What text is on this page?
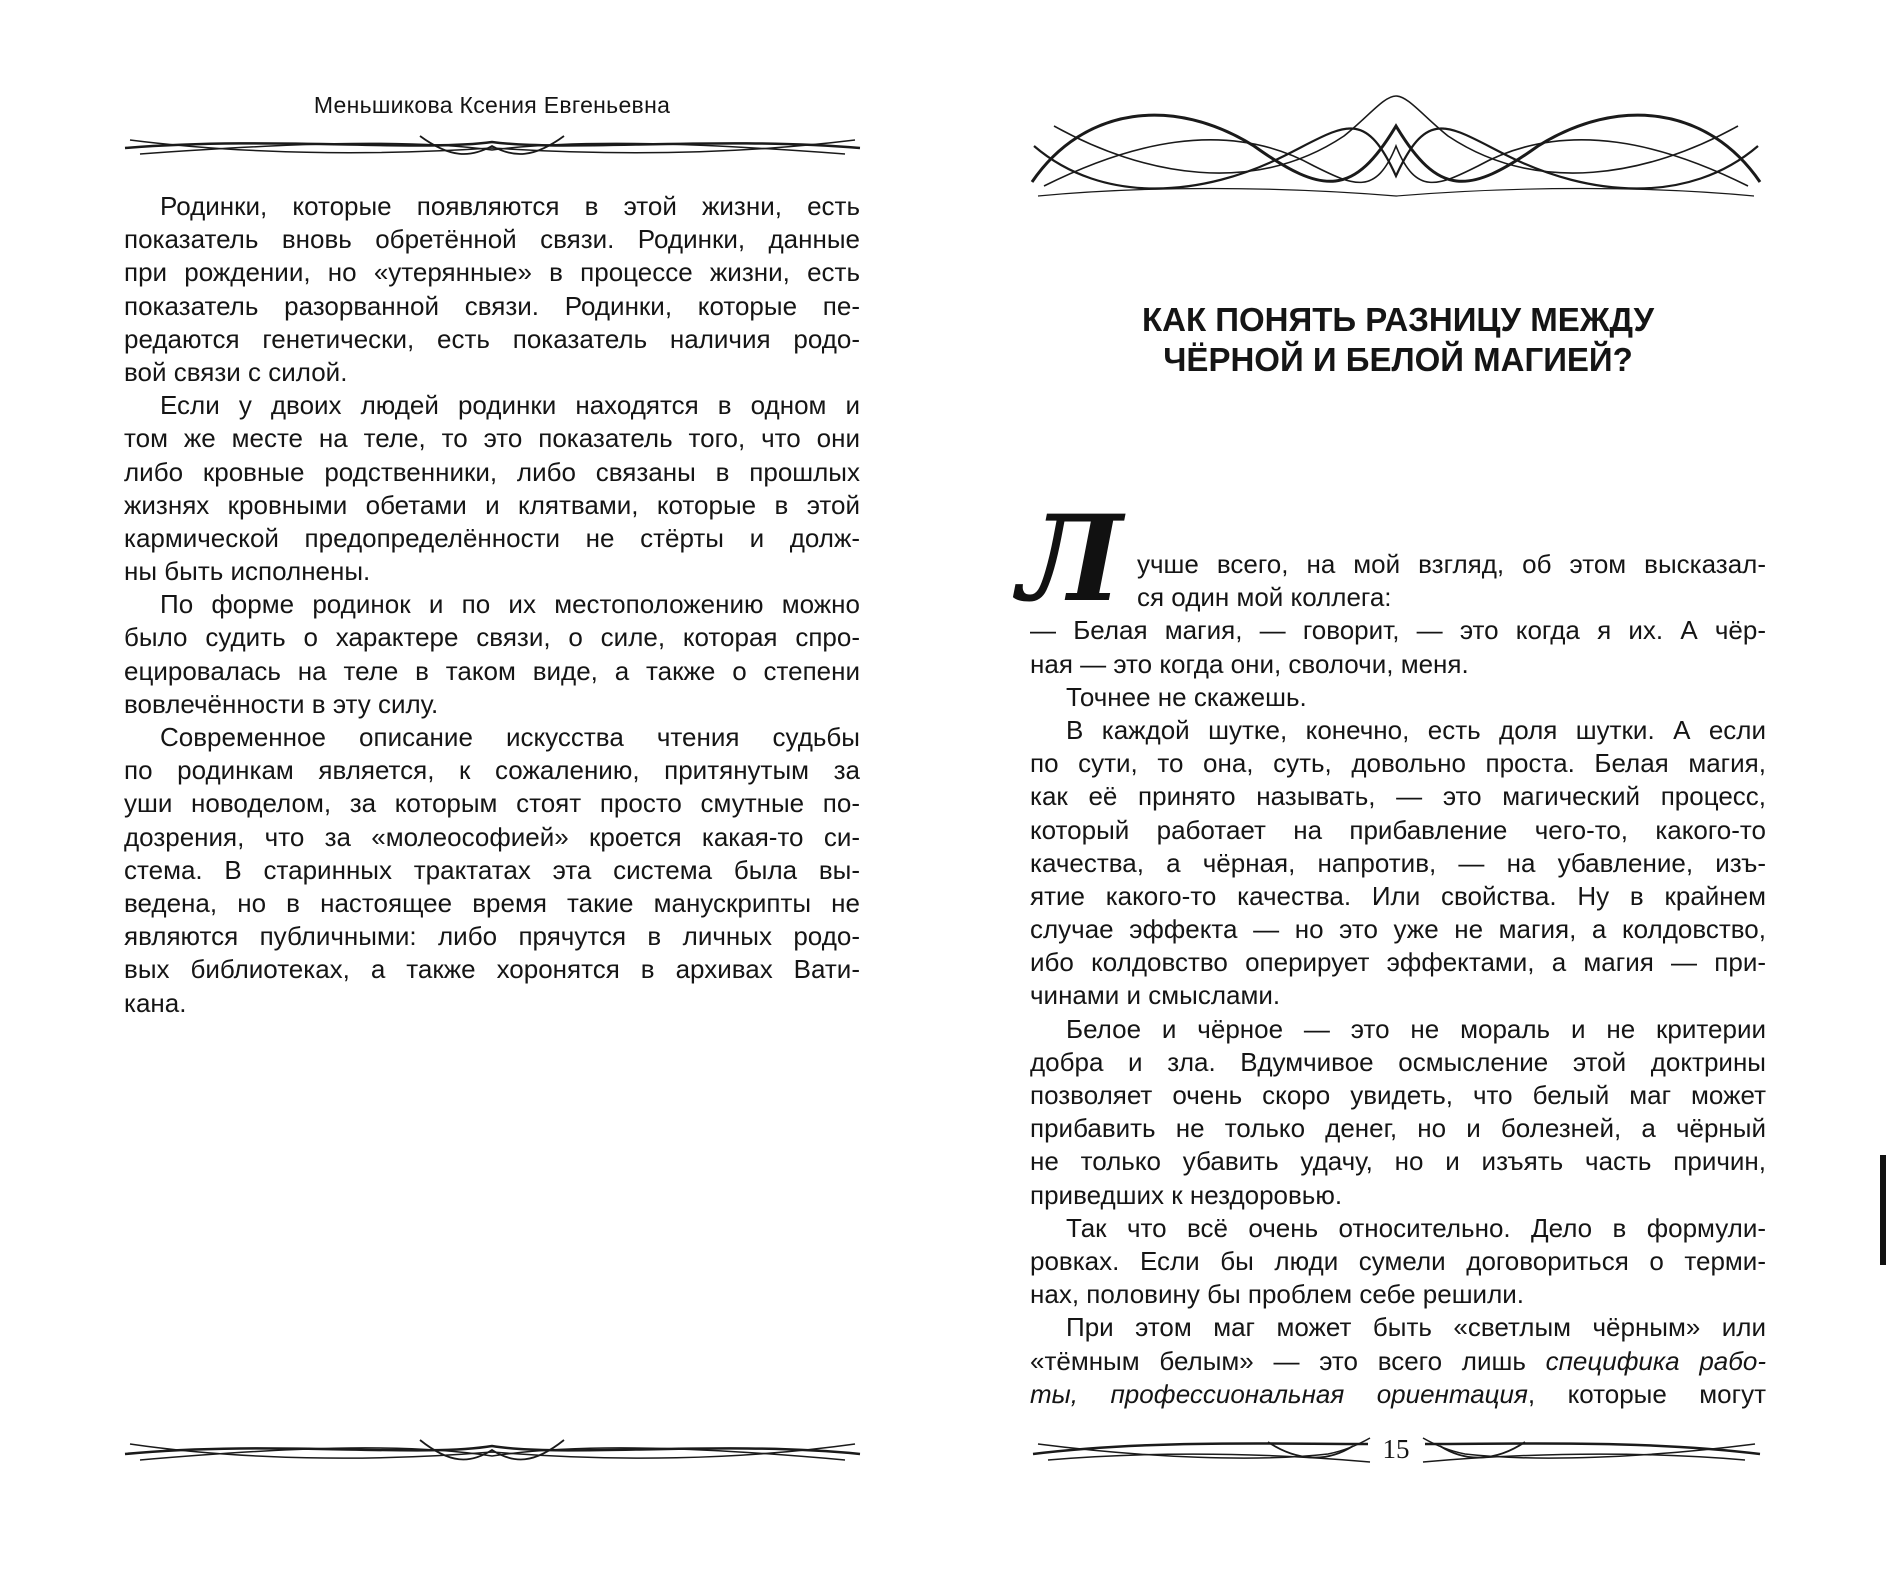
Меньшикова Ксения Евгеньевна
Родинки, которые появляются в этой жизни, есть
показатель вновь обретённой связи. Родинки, данные
при рождении, но «утерянные» в процессе жизни, есть
показатель разорванной связи. Родинки, которые пе-
редаются генетически, есть показатель наличия родо-
вой связи с силой.
Если у двоих людей родинки находятся в одном и
том же месте на теле, то это показатель того, что они
либо кровные родственники, либо связаны в прошлых
жизнях кровными обетами и клятвами, которые в этой
кармической предопределённости не стёрты и долж-
ны быть исполнены.
По форме родинок и по их местоположению можно
было судить о характере связи, о силе, которая спро-
ецировалась на теле в таком виде, а также о степени
вовлечённости в эту силу.
Современное описание искусства чтения судьбы
по родинкам является, к сожалению, притянутым за
уши новоделом, за которым стоят просто смутные по-
дозрения, что за «молеософией» кроется какая-то си-
стема. В старинных трактатах эта система была вы-
ведена, но в настоящее время такие манускрипты не
являются публичными: либо прячутся в личных родо-
вых библиотеках, а также хоронятся в архивах Вати-
кана.
КАК ПОНЯТЬ РАЗНИЦУ МЕЖДУ
ЧЁРНОЙ И БЕЛОЙ МАГИЕЙ?
Л учше всего, на мой взгляд, об этом высказал-
ся один мой коллега:
— Белая магия, — говорит, — это когда я их. А чёр-
ная — это когда они, сволочи, меня.
Точнее не скажешь.
В каждой шутке, конечно, есть доля шутки. А если
по сути, то она, суть, довольно проста. Белая магия,
как её принято называть, — это магический процесс,
который работает на прибавление чего-то, какого-то
качества, а чёрная, напротив, — на убавление, изъ-
ятие какого-то качества. Или свойства. Ну в крайнем
случае эффекта — но это уже не магия, а колдовство,
ибо колдовство оперирует эффектами, а магия — при-
чинами и смыслами.
Белое и чёрное — это не мораль и не критерии
добра и зла. Вдумчивое осмысление этой доктрины
позволяет очень скоро увидеть, что белый маг может
прибавить не только денег, но и болезней, а чёрный
не только убавить удачу, но и изъять часть причин,
приведших к нездоровью.
Так что всё очень относительно. Дело в формули-
ровках. Если бы люди сумели договориться о терми-
нах, половину бы проблем себе решили.
При этом маг может быть «светлым чёрным» или
«тёмным белым» — это всего лишь специфика рабо-
ты, профессиональная ориентация, которые могут
15
